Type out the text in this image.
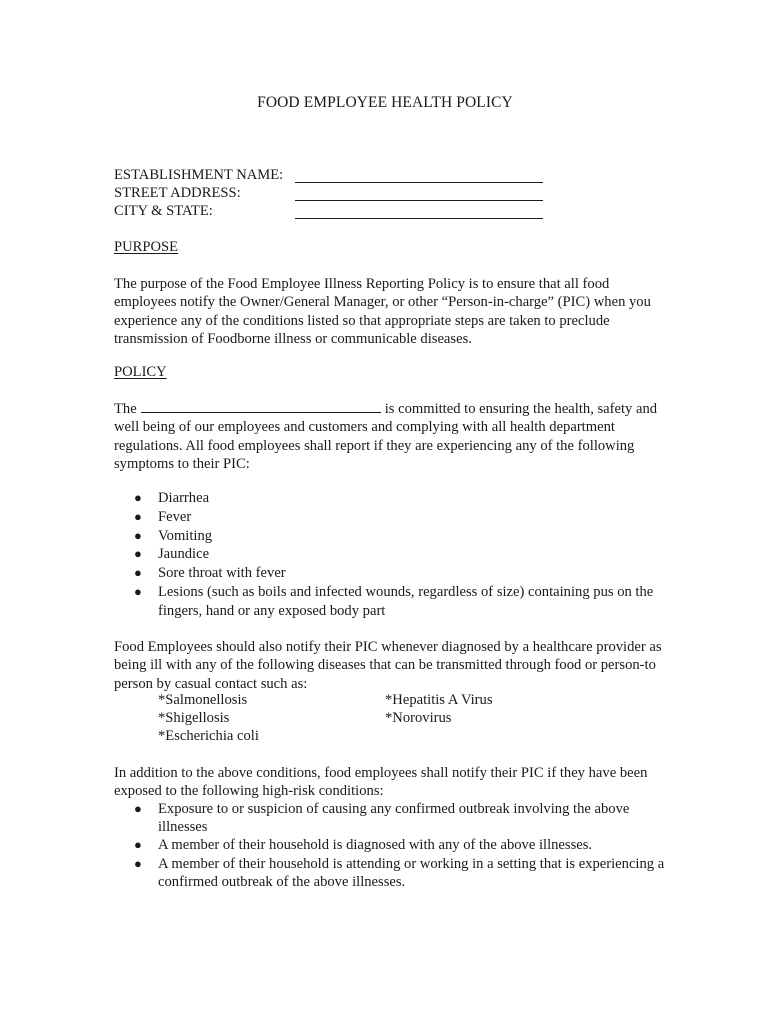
FOOD EMPLOYEE HEALTH POLICY
ESTABLISHMENT NAME:
STREET ADDRESS:
CITY & STATE:
PURPOSE

The purpose of the Food Employee Illness Reporting Policy is to ensure that all food employees notify the Owner/General Manager, or other “Person-in-charge” (PIC) when you experience any of the conditions listed so that appropriate steps are taken to preclude transmission of Foodborne illness or communicable diseases.

POLICY

The	is committed to ensuring the health, safety and well being of our employees and customers and complying with all health department regulations. All food employees shall report if they are experiencing any of the following symptoms to their PIC:

● Diarrhea
● Fever
● Vomiting
● Jaundice
● Sore throat with fever
● Lesions (such as boils and infected wounds, regardless of size) containing pus on the fingers, hand or any exposed body part

Food Employees should also notify their PIC whenever diagnosed by a healthcare provider as being ill with any of the following diseases that can be transmitted through food or person-to person by casual contact such as:

*Salmonellosis	*Hepatitis A Virus
*Shigellosis	*Norovirus
*Escherichia coli

In addition to the above conditions, food employees shall notify their PIC if they have been exposed to the following high-risk conditions:

● Exposure to or suspicion of causing any confirmed outbreak involving the above illnesses
● A member of their household is diagnosed with any of the above illnesses.
● A member of their household is attending or working in a setting that is experiencing a confirmed outbreak of the above illnesses.
